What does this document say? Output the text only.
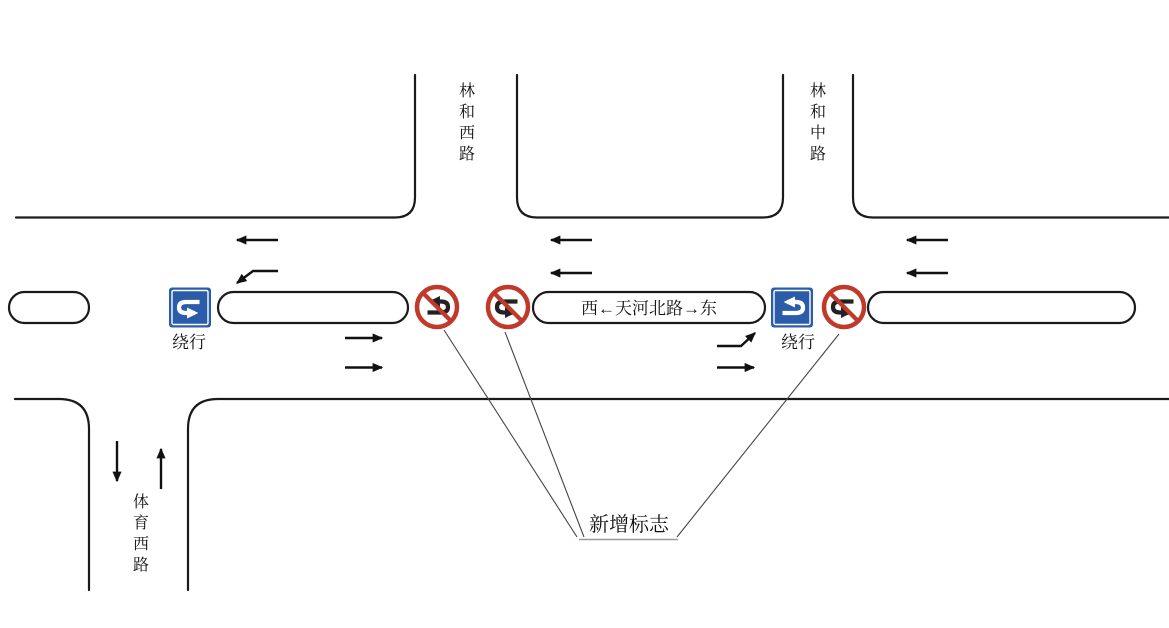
西←天河北路→东
新增标志
绕行	绕行
林
和
西
路
林
和
中
路
体
育
西
路
